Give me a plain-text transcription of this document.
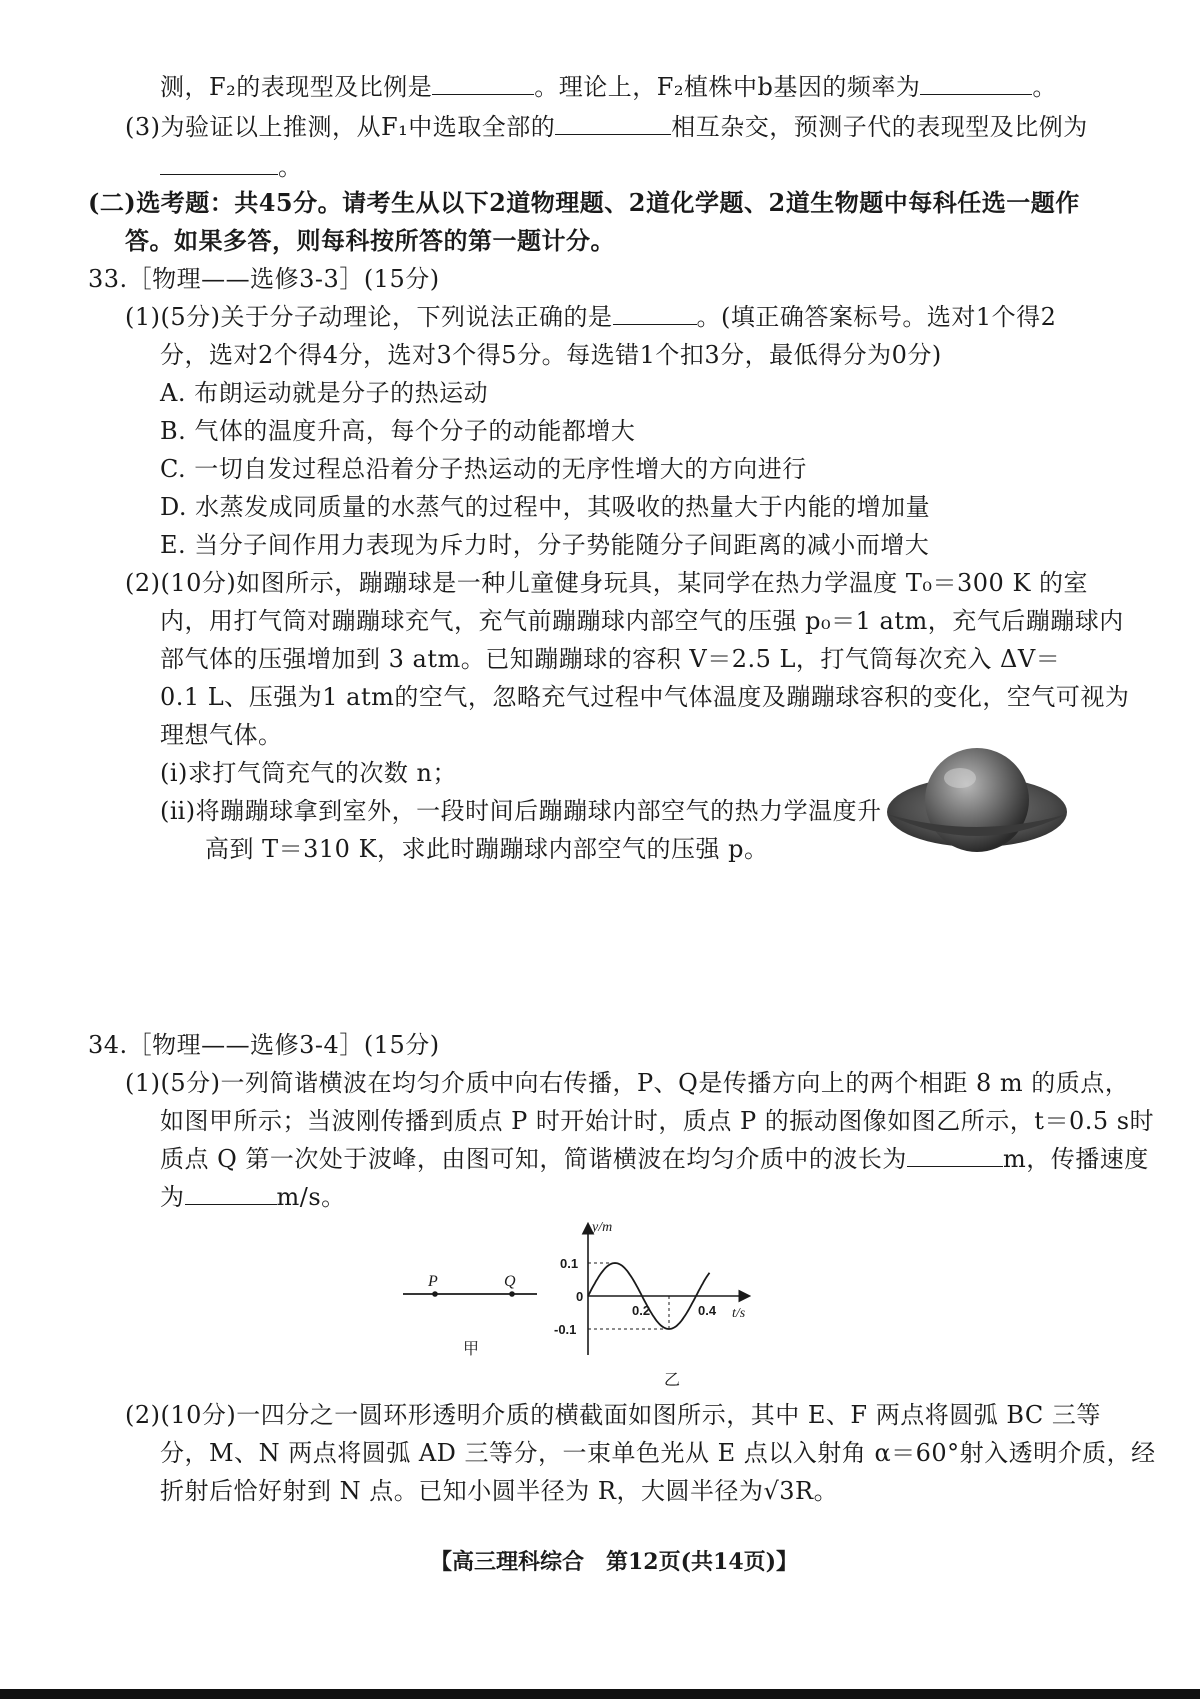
测，F₂的表现型及比例是	。理论上，F₂植株中b基因的频率为	。
(3)为验证以上推测，从F₁中选取全部的	相互杂交，预测子代的表现型及比例为
。
(二)选考题：共45分。请考生从以下2道物理题、2道化学题、2道生物题中每科任选一题作
答。如果多答，则每科按所答的第一题计分。
33.［物理——选修3-3］(15分)
(1)(5分)关于分子动理论，下列说法正确的是	。(填正确答案标号。选对1个得2
分，选对2个得4分，选对3个得5分。每选错1个扣3分，最低得分为0分)
A. 布朗运动就是分子的热运动
B. 气体的温度升高，每个分子的动能都增大
C. 一切自发过程总沿着分子热运动的无序性增大的方向进行
D. 水蒸发成同质量的水蒸气的过程中，其吸收的热量大于内能的增加量
E. 当分子间作用力表现为斥力时，分子势能随分子间距离的减小而增大
(2)(10分)如图所示，蹦蹦球是一种儿童健身玩具，某同学在热力学温度 T₀＝300 K 的室
内，用打气筒对蹦蹦球充气，充气前蹦蹦球内部空气的压强 p₀＝1 atm，充气后蹦蹦球内
部气体的压强增加到 3 atm。已知蹦蹦球的容积 V＝2.5 L，打气筒每次充入 ΔV＝
0.1 L、压强为1 atm的空气，忽略充气过程中气体温度及蹦蹦球容积的变化，空气可视为
理想气体。
(ⅰ)求打气筒充气的次数 n；
(ⅱ)将蹦蹦球拿到室外，一段时间后蹦蹦球内部空气的热力学温度升
高到 T＝310 K，求此时蹦蹦球内部空气的压强 p。
34.［物理——选修3-4］(15分)
(1)(5分)一列简谐横波在均匀介质中向右传播，P、Q是传播方向上的两个相距 8 m 的质点，
如图甲所示；当波刚传播到质点 P 时开始计时，质点 P 的振动图像如图乙所示，t＝0.5 s时
质点 Q 第一次处于波峰，由图可知，简谐横波在均匀介质中的波长为	m，传播速度
为	m/s。
P	Q
甲
y/m
t/s
0
0.1
-0.1
0.2	0.4
乙
(2)(10分)一四分之一圆环形透明介质的横截面如图所示，其中 E、F 两点将圆弧 BC 三等
分，M、N 两点将圆弧 AD 三等分，一束单色光从 E 点以入射角 α＝60°射入透明介质，经
折射后恰好射到 N 点。已知小圆半径为 R，大圆半径为√3R。
【高三理科综合　第12页(共14页)】
